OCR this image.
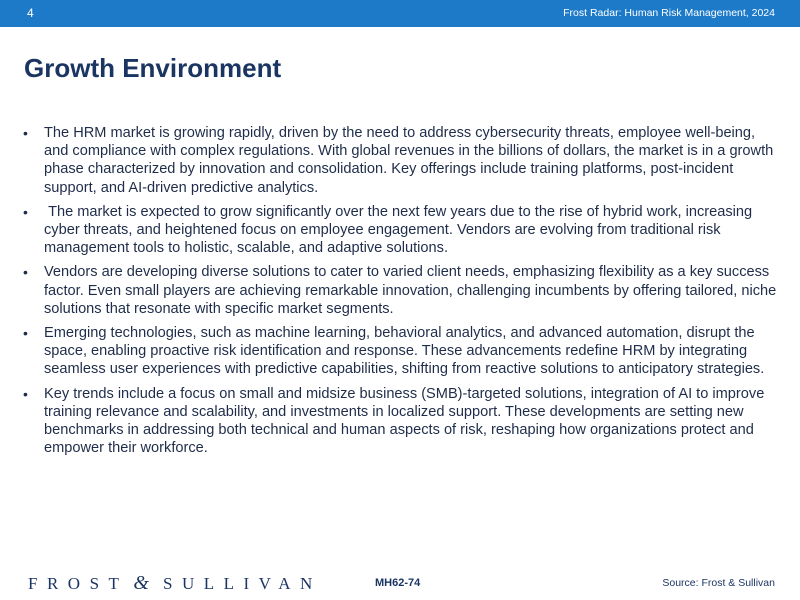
4	Frost Radar: Human Risk Management, 2024
Growth Environment
• The HRM market is growing rapidly, driven by the need to address cybersecurity threats, employee well-being, and compliance with complex regulations. With global revenues in the billions of dollars, the market is in a growth phase characterized by innovation and consolidation. Key offerings include training platforms, post-incident support, and AI-driven predictive analytics.
• The market is expected to grow significantly over the next few years due to the rise of hybrid work, increasing cyber threats, and heightened focus on employee engagement. Vendors are evolving from traditional risk management tools to holistic, scalable, and adaptive solutions.
• Vendors are developing diverse solutions to cater to varied client needs, emphasizing flexibility as a key success factor. Even small players are achieving remarkable innovation, challenging incumbents by offering tailored, niche solutions that resonate with specific market segments.
• Emerging technologies, such as machine learning, behavioral analytics, and advanced automation, disrupt the space, enabling proactive risk identification and response. These advancements redefine HRM by integrating seamless user experiences with predictive capabilities, shifting from reactive solutions to anticipatory strategies.
• Key trends include a focus on small and midsize business (SMB)-targeted solutions, integration of AI to improve training relevance and scalability, and investments in localized support. These developments are setting new benchmarks in addressing both technical and human aspects of risk, reshaping how organizations protect and empower their workforce.
FROST & SULLIVAN	MH62-74	Source: Frost & Sullivan
